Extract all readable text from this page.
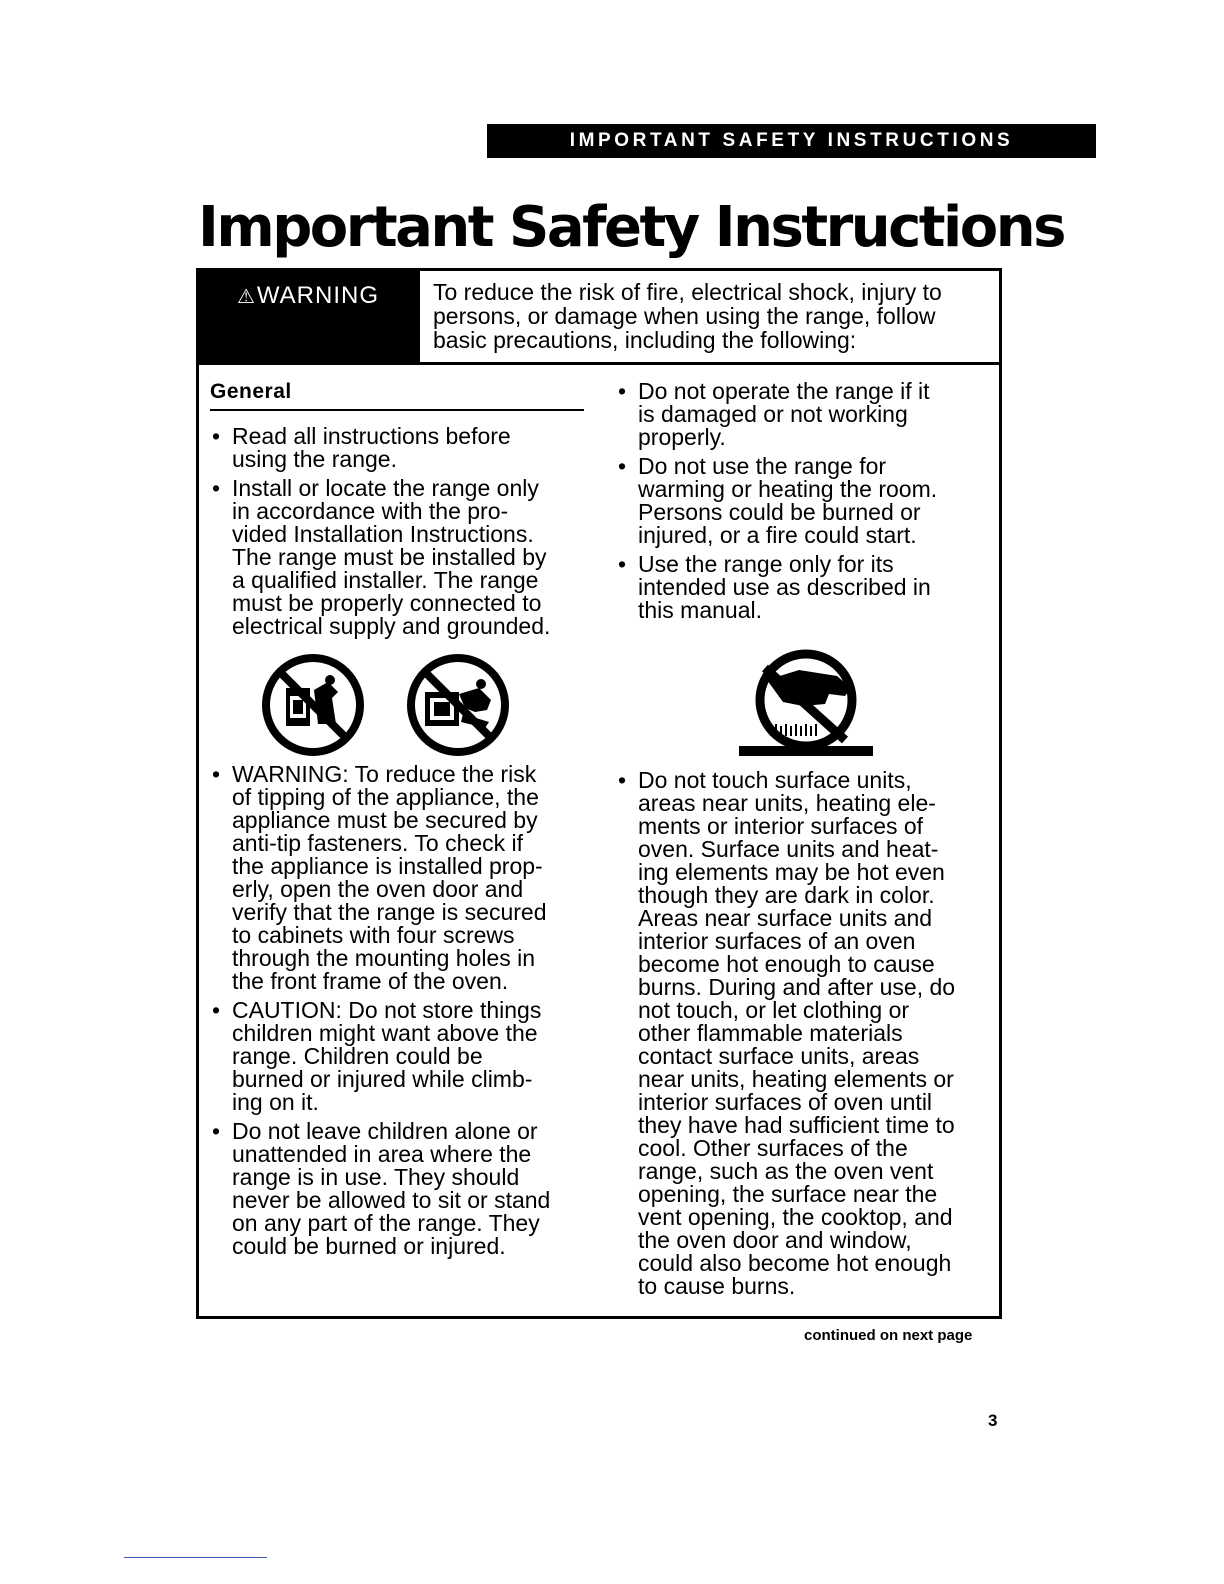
IMPORTANT SAFETY INSTRUCTIONS
Important Safety Instructions
⚠WARNING	To reduce the risk of fire, electrical shock, injury to
persons, or damage when using the range, follow
basic precautions, including the following:
General
• Read all instructions before
using the range.
• Install or locate the range only
in accordance with the pro-
vided Installation Instructions.
The range must be installed by
a qualified installer. The range
must be properly connected to
electrical supply and grounded.
• WARNING: To reduce the risk
of tipping of the appliance, the
appliance must be secured by
anti-tip fasteners. To check if
the appliance is installed prop-
erly, open the oven door and
verify that the range is secured
to cabinets with four screws
through the mounting holes in
the front frame of the oven.
• CAUTION: Do not store things
children might want above the
range. Children could be
burned or injured while climb-
ing on it.
• Do not leave children alone or
unattended in area where the
range is in use. They should
never be allowed to sit or stand
on any part of the range. They
could be burned or injured.
• Do not operate the range if it
is damaged or not working
properly.
• Do not use the range for
warming or heating the room.
Persons could be burned or
injured, or a fire could start.
• Use the range only for its
intended use as described in
this manual.
• Do not touch surface units,
areas near units, heating ele-
ments or interior surfaces of
oven. Surface units and heat-
ing elements may be hot even
though they are dark in color.
Areas near surface units and
interior surfaces of an oven
become hot enough to cause
burns. During and after use, do
not touch, or let clothing or
other flammable materials
contact surface units, areas
near units, heating elements or
interior surfaces of oven until
they have had sufficient time to
cool. Other surfaces of the
range, such as the oven vent
opening, the surface near the
vent opening, the cooktop, and
the oven door and window,
could also become hot enough
to cause burns.
continued on next page
3
